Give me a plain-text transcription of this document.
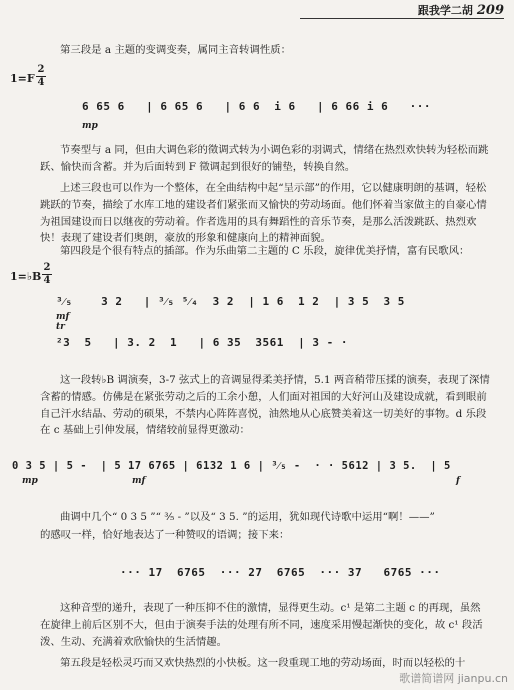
跟我学二胡 209
第三段是 a 主题的变调变奏，属同主音转调性质：
1=F
2
4
6 65 6   | 6 65 6   | 6 6  i 6   | 6 66 i 6   ···
mp
节奏型与 a 同，但由大调色彩的徵调式转为小调色彩的羽调式，情绪在热烈欢快转为轻松而跳跃、愉快而含蓄。并为后面转到 F 徵调起到很好的铺垫，转换自然。
上述三段也可以作为一个整体，在全曲结构中起“呈示部”的作用，它以健康明朗的基调，轻松跳跃的节奏，描绘了水库工地的建设者们紧张而又愉快的劳动场面。他们怀着当家做主的自豪心情为祖国建设而日以继夜的劳动着。作者选用的具有舞蹈性的音乐节奏，是那么活泼跳跃、热烈欢快！表现了建设者们奥朗，豪放的形象和健康向上的精神面貌。
第四段是个很有特点的插部。作为乐曲第二主题的 C 乐段，旋律优美抒情，富有民歌风：
1=♭B
2
4
³⁄₅    3 2   | ³⁄₅ ⁵⁄₄  3 2  | 1 6  1 2  | 3 5  3 5
mf
tr
²3  5   | 3. 2  1   | 6 35  3561  | 3 - ·
这一段转♭B 调演奏，3-7 弦式上的音调显得柔美抒情，5.1 两音稍带压揉的演奏，表现了深情含蓄的情感。仿佛是在紧张劳动之后的工余小憩，人们面对祖国的大好河山及建设成就，看到眼前自己汗水结晶、劳动的硕果，不禁内心阵阵喜悦，油然地从心底赞美着这一切美好的事物。d 乐段在 c 基础上引伸发展，情绪较前显得更激动：
0 3 5 | 5 -  | 5 17 6765 | 6132 1 6 | ³⁄₅ -  · · 5612 | 3 5.  | 5
mp	mf	f
曲调中几个“ 0 3 5 ”“ ³⁄₅ - ”以及“ 3 5. ”的运用，犹如现代诗歌中运用“啊！——”
的感叹一样，恰好地表达了一种赞叹的语调；接下来：
··· 17  6765  ··· 27  6765  ··· 37   6765 ···
这种音型的递升，表现了一种压抑不住的激情，显得更生动。c¹ 是第二主题 c 的再现，虽然在旋律上前后区别不大，但由于演奏手法的处理有所不同，速度采用慢起渐快的变化，故 c¹ 段活泼、生动、充满着欢欣愉快的生活情趣。
第五段是轻松灵巧而又欢快热烈的小快板。这一段重现工地的劳动场面，时而以轻松的十
歌谱简谱网 jianpu.cn
